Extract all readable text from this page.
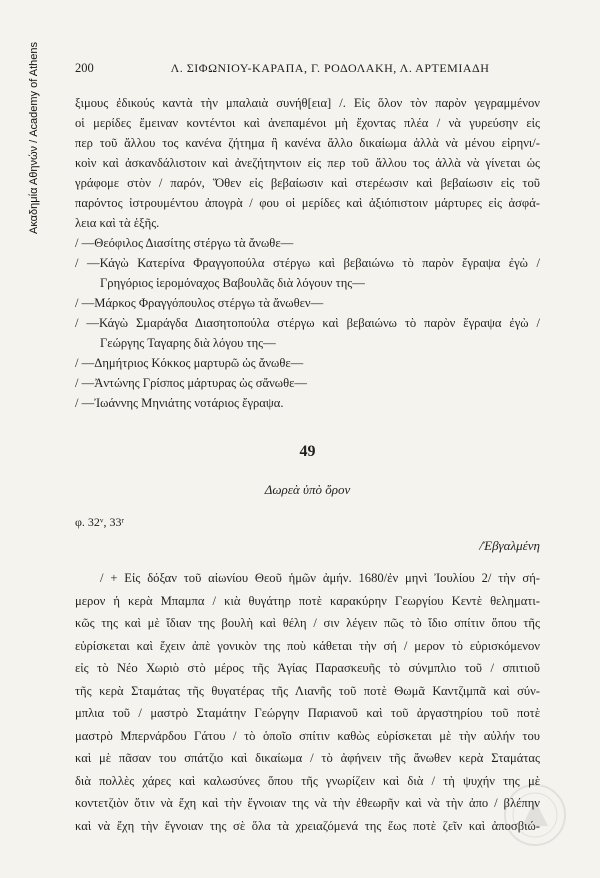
Ακαδημία Αθηνών / Academy of Athens	200	Λ. ΣΙΦΩΝΙΟΥ-ΚΑΡΑΠΑ, Γ. ΡΟΔΟΛΑΚΗ, Λ. ΑΡΤΕΜΙΑΔΗ
ξιμους ἐδικούς καντὰ τὴν μπαλαιὰ συνήθ[εια] /. Εἰς ὅλον τὸν παρὸν γεγραμμένον
οἱ μερίδες ἔμειναν κοντέντοι καὶ ἀνεπαμένοι μὴ ἔχοντας πλέα / νὰ γυρεύσην εἰς
περ τοῦ ἄλλου τος κανένα ζήτημα ἢ κανένα ἄλλο δικαίωμα ἀλλὰ νὰ μένου εἰρηνι/-
κοὶν καὶ ἀσκανδάλιστοιν καὶ ἀνεζήτηντοιν εἰς περ τοῦ ἄλλου τος ἀλλὰ νὰ γίνεται ὡς
γράφομε στὸν / παρόν, Ὅθεν εἰς βεβαίωσιν καὶ στερέωσιν καὶ βεβαίωσιν εἰς τοῦ
παρόντος ἰστρουμέντου ἀπογρὰ / φου οἱ μερίδες καὶ ἀξιόπιστοιν μάρτυρες εἰς ἀσφά-
λεια καὶ τὰ ἑξῆς.
/ —Θεόφιλος Διασίτης στέργω τὰ ἄνωθε—
/ —Κάγὼ Κατερίνα Φραγγοπούλα στέργω καὶ βεβαιώνω τὸ παρὸν ἔγραψα ἐγὼ /
Γρηγόριος ἱερομόναχος Βαβουλᾶς διὰ λόγουν της—
/ —Μάρκος Φραγγόπουλος στέργω τὰ ἄνωθεν—
/ —Κάγὼ Σμαράγδα Διασητοπούλα στέργω καὶ βεβαιώνω τὸ παρὸν ἔγραψα ἐγὼ /
Γεώργης Ταγαρης διὰ λόγου της—
/ —Δημήτριος Κόκκος μαρτυρῶ ὡς ἄνωθε—
/ —Ἀντώνης Γρίσπος μάρτυρας ὡς σἄνωθε—
/ —Ἰωάννης Μηνιάτης νοτάριος ἔγραψα.
49
Δωρεὰ ὑπὸ ὅρον
φ. 32ᵛ, 33ʳ
/Ἐβγαλμένη
/ + Εἰς δόξαν τοῦ αἰωνίου Θεοῦ ἡμῶν ἀμήν. 1680/ἐν μηνὶ Ἰουλίου 2/ τὴν σή-
μερον ἡ κερὰ Μπαμπα / κιὰ θυγάτηρ ποτὲ καρακύρην Γεωργίου Κεντὲ θεληματι-
κῶς της καὶ μὲ ἴδιαν της βουλὴ καὶ θέλη / σιν λέγειν πῶς τὸ ἴδιο σπίτιν ὅπου τῆς
εὑρίσκεται καὶ ἔχειν ἀπὲ γονικὸν της ποὺ κάθεται τὴν σή / μερον τὸ εὑρισκόμενον
εἰς τὸ Νέο Χωριὸ στὸ μέρος τῆς Ἁγίας Παρασκευῆς τὸ σύνμπλιο τοῦ / σπιτιοῦ
τῆς κερὰ Σταμάτας τῆς θυγατέρας τῆς Λιανῆς τοῦ ποτὲ Θωμᾶ Καντζιμπᾶ καὶ σύν-
μπλια τοῦ / μαστρὸ Σταμάτην Γεώργην Παριανοῦ καὶ τοῦ ἀργαστηρίου τοῦ ποτὲ
μαστρὸ Μπερνάρδου Γάτου / τὸ ὁποῖο σπίτιν καθὼς εὑρίσκεται μὲ τὴν αὐλήν του
καὶ μὲ πᾶσαν του σπάτζιο καὶ δικαίωμα / τὸ ἀφήνειν τῆς ἄνωθεν κερὰ Σταμάτας
διὰ πολλὲς χάρες καὶ καλωσύνες ὅπου τῆς γνωρίζειν καὶ διὰ / τὴ ψυχήν της μὲ
κοντετζιὸν ὅτιν νὰ ἔχη καὶ τὴν ἔγνοιαν της νὰ τὴν ἐθεωρῆν καὶ νὰ τὴν ἀπο / βλέπην
καὶ νὰ ἔχη τὴν ἔγνοιαν της σὲ ὅλα τὰ χρειαζόμενά της ἕως ποτὲ ζεῖν καὶ ἀποσβιώ-
